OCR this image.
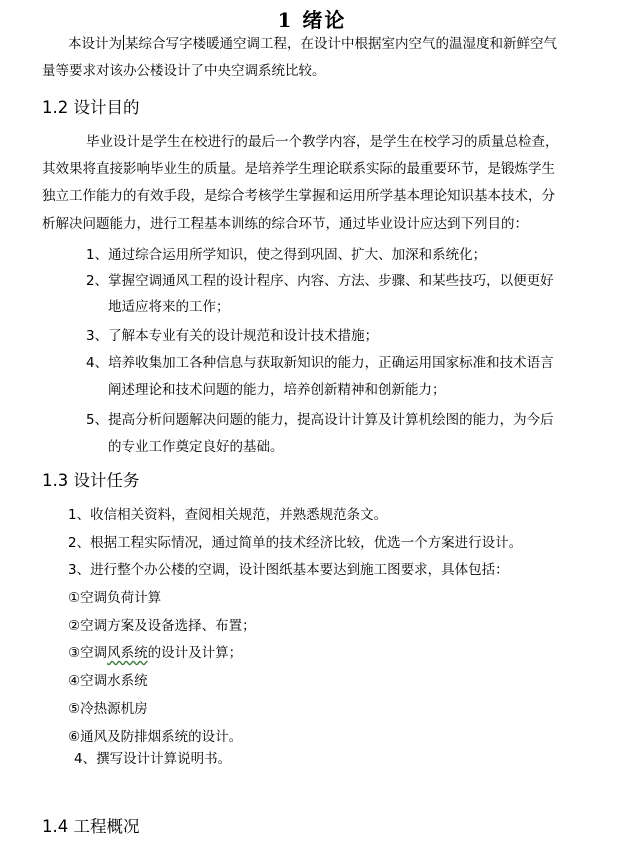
1 绪论
本设计为 某综合写字楼暖通空调工程，在设计中根据室内空气的温湿度和新鲜空气
量等要求对该办公楼设计了中央空调系统比较。
1.2 设计目的
毕业设计是学生在校进行的最后一个教学内容，是学生在校学习的质量总检查，
其效果将直接影响毕业生的质量。是培养学生理论联系实际的最重要环节，是锻炼学生
独立工作能力的有效手段，是综合考核学生掌握和运用所学基本理论知识基本技术，分
析解决问题能力，进行工程基本训练的综合环节，通过毕业设计应达到下列目的：
1、通过综合运用所学知识，使之得到巩固、扩大、加深和系统化；
2、掌握空调通风工程的设计程序、内容、方法、步骤、和某些技巧，以便更好
地适应将来的工作；
3、了解本专业有关的设计规范和设计技术措施；
4、培养收集加工各种信息与获取新知识的能力，正确运用国家标准和技术语言
阐述理论和技术问题的能力，培养创新精神和创新能力；
5、提高分析问题解决问题的能力，提高设计计算及计算机绘图的能力，为今后
的专业工作奠定良好的基础。
1.3 设计任务
1、收信相关资料，查阅相关规范，并熟悉规范条文。
2、根据工程实际情况，通过简单的技术经济比较，优选一个方案进行设计。
3、进行整个办公楼的空调，设计图纸基本要达到施工图要求，具体包括：
①空调负荷计算
②空调方案及设备选择、布置；
③空调风系统的设计及计算；
④空调水系统
⑤冷热源机房
⑥通风及防排烟系统的设计。
4、撰写设计计算说明书。
1.4 工程概况
